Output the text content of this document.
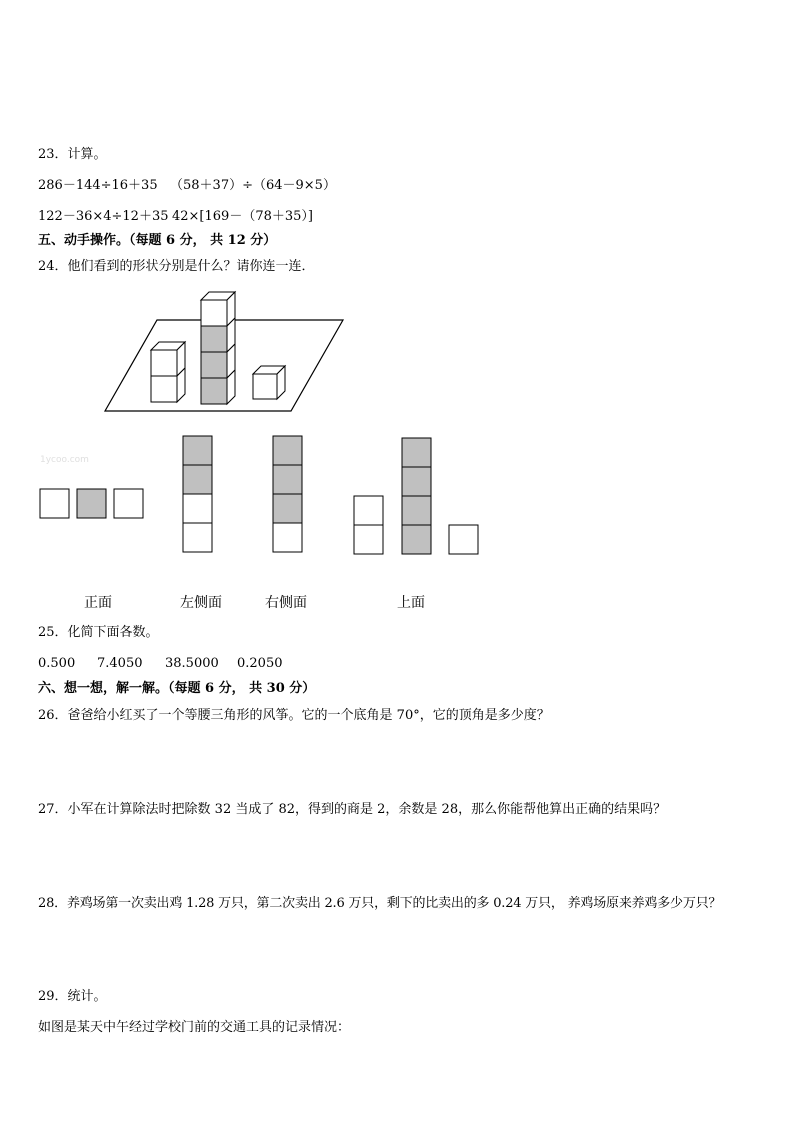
23．计算。
286－144÷16＋35 （58＋37）÷（64－9×5）
122－36×4÷12＋35 42×[169－（78＋35）]
五、动手操作。（每题 6 分， 共 12 分）
24．他们看到的形状分别是什么？请你连一连．
1ycoo.com
正面	左侧面	右侧面	上面
25．化简下面各数。
0.500 7.4050 38.5000 0.2050
六、想一想，解一解。（每题 6 分， 共 30 分）
26．爸爸给小红买了一个等腰三角形的风筝。它的一个底角是 70°，它的顶角是多少度？
27．小军在计算除法时把除数 32 当成了 82，得到的商是 2，余数是 28，那么你能帮他算出正确的结果吗？
28．养鸡场第一次卖出鸡 1.28 万只，第二次卖出 2.6 万只，剩下的比卖出的多 0.24 万只， 养鸡场原来养鸡多少万只？
29．统计。
如图是某天中午经过学校门前的交通工具的记录情况：
